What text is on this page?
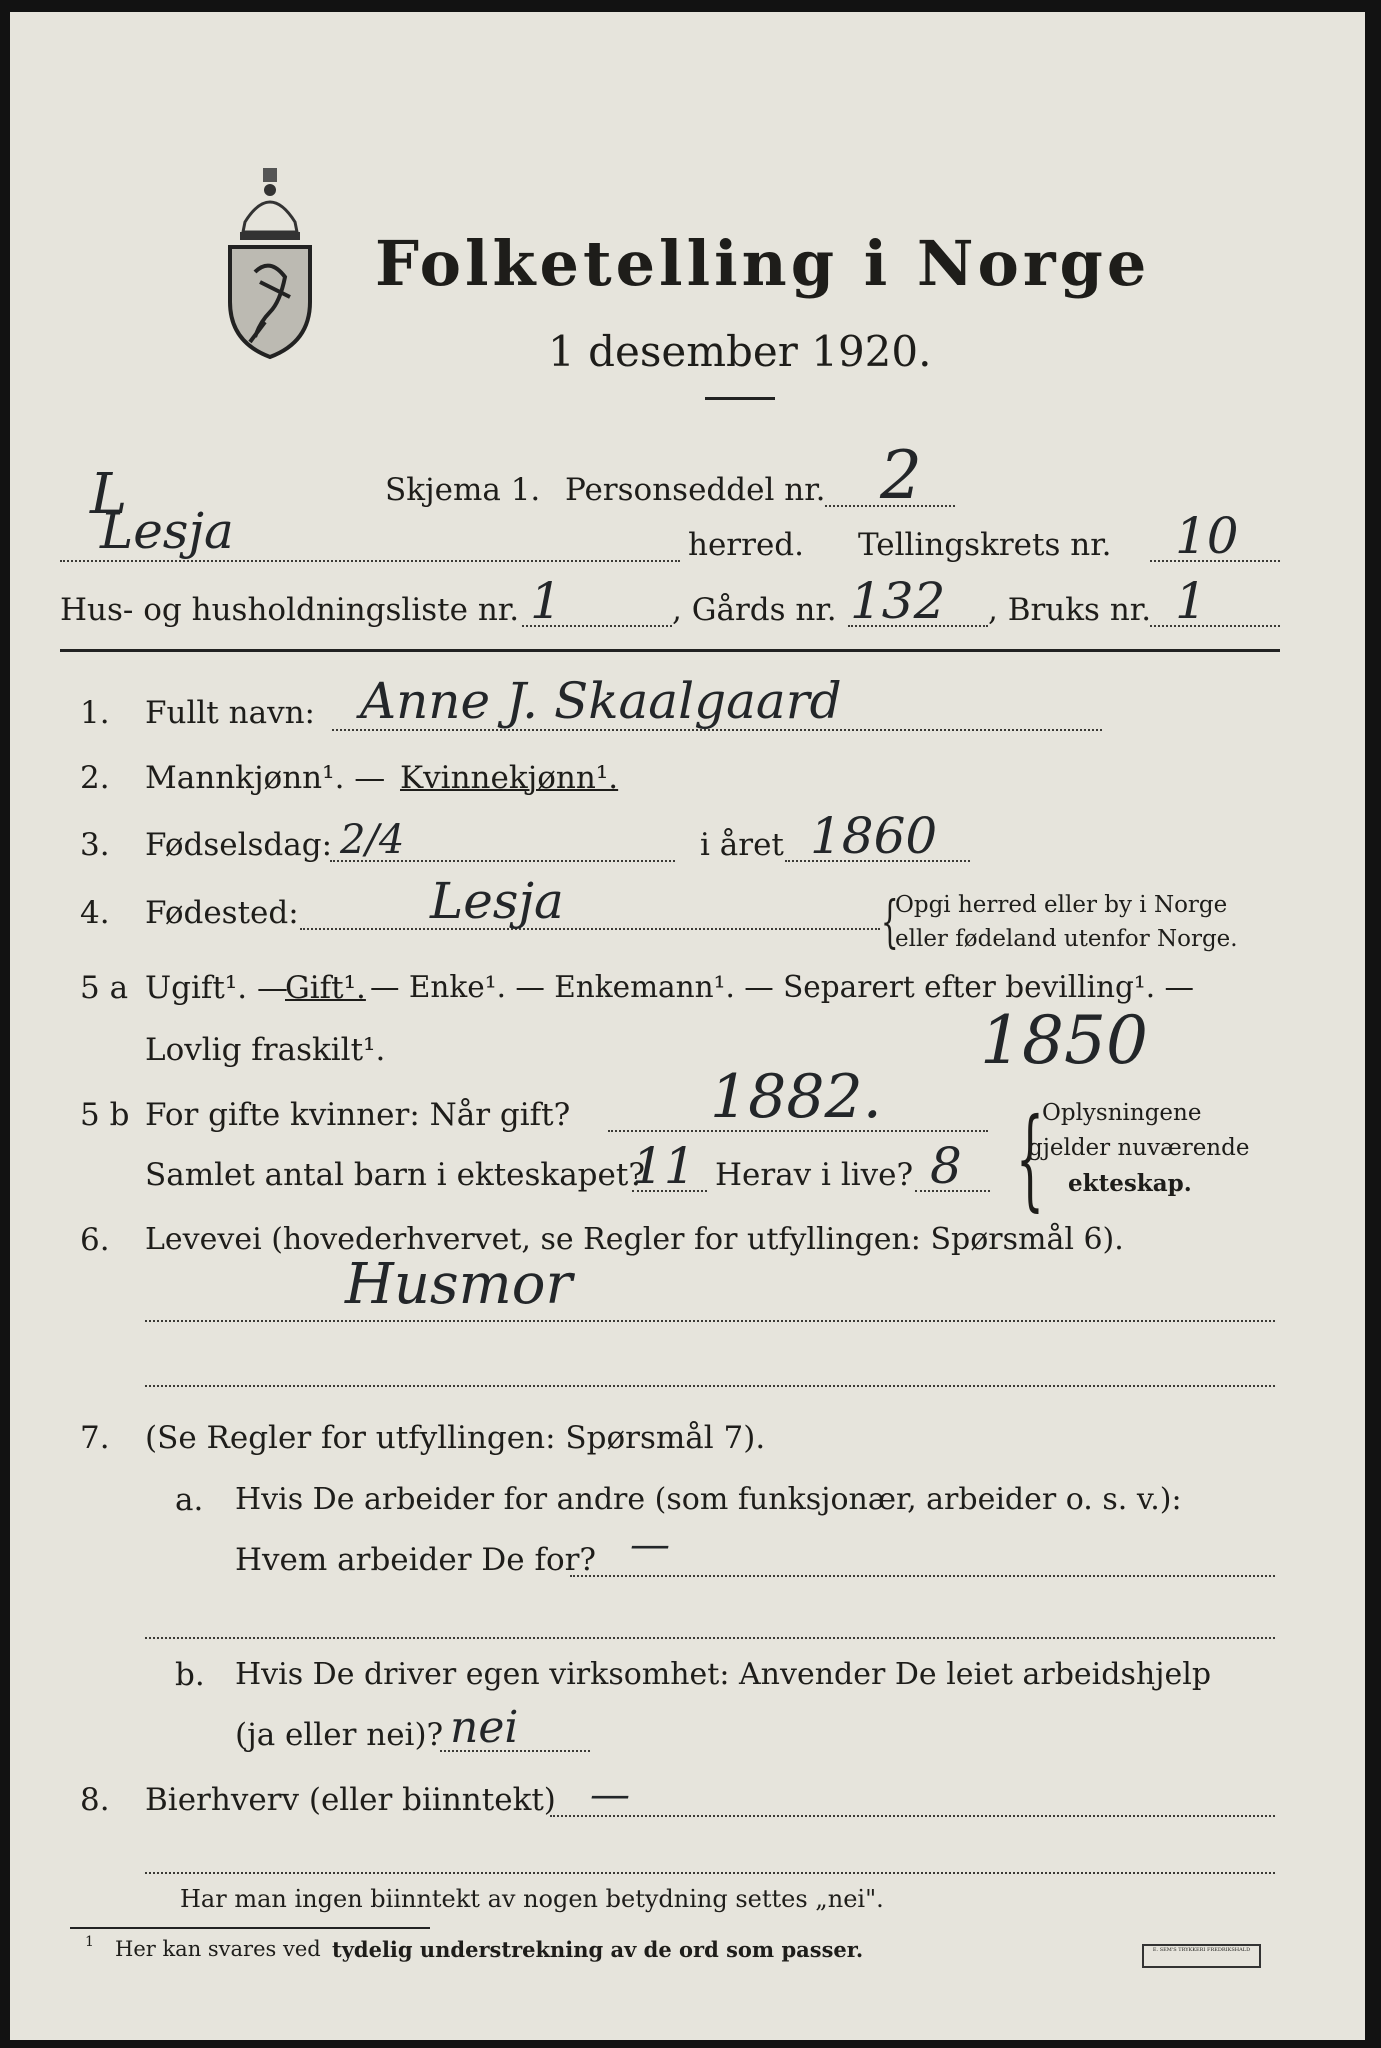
Folketelling i Norge
1 desember 1920.
L	Skjema 1. Personseddel nr. 2
Lesja	herred. Tellingskrets nr. 10
Hus- og husholdningsliste nr. 1	, Gårds nr. 132 , Bruks nr. 1
1. Fullt navn: Anne J. Skaalgaard
2. Mannkjønn¹. — Kvinnekjønn¹.
3. Fødselsdag: 2/4	i året 1860
4. Fødested:	Lesja	{
Opgi herred eller by i Norge
eller fødeland utenfor Norge.
5 a Ugift¹. —
Gift¹. — Enke¹. — Enkemann¹. — Separert efter bevilling¹. —
Lovlig fraskilt¹.	1850
5 b For gifte kvinner: Når gift? 1882.
Samlet antal barn i ekteskapet?
11 Herav i live? 8 {
Oplysningene
gjelder nuværende
ekteskap.
6. Levevei (hovederhvervet, se Regler for utfyllingen: Spørsmål 6).
Husmor
7. (Se Regler for utfyllingen: Spørsmål 7).
a. Hvis De arbeider for andre (som funksjonær, arbeider o. s. v.):
Hvem arbeider De for? —
b. Hvis De driver egen virksomhet: Anvender De leiet arbeidshjelp
(ja eller nei)? nei
8. Bierhverv (eller biinntekt) —
Har man ingen biinntekt av nogen betydning settes „nei".
1 Her kan svares ved tydelig understrekning av de ord som passer.	E. SEM'S TRYKKERI FREDRIKSHALD
